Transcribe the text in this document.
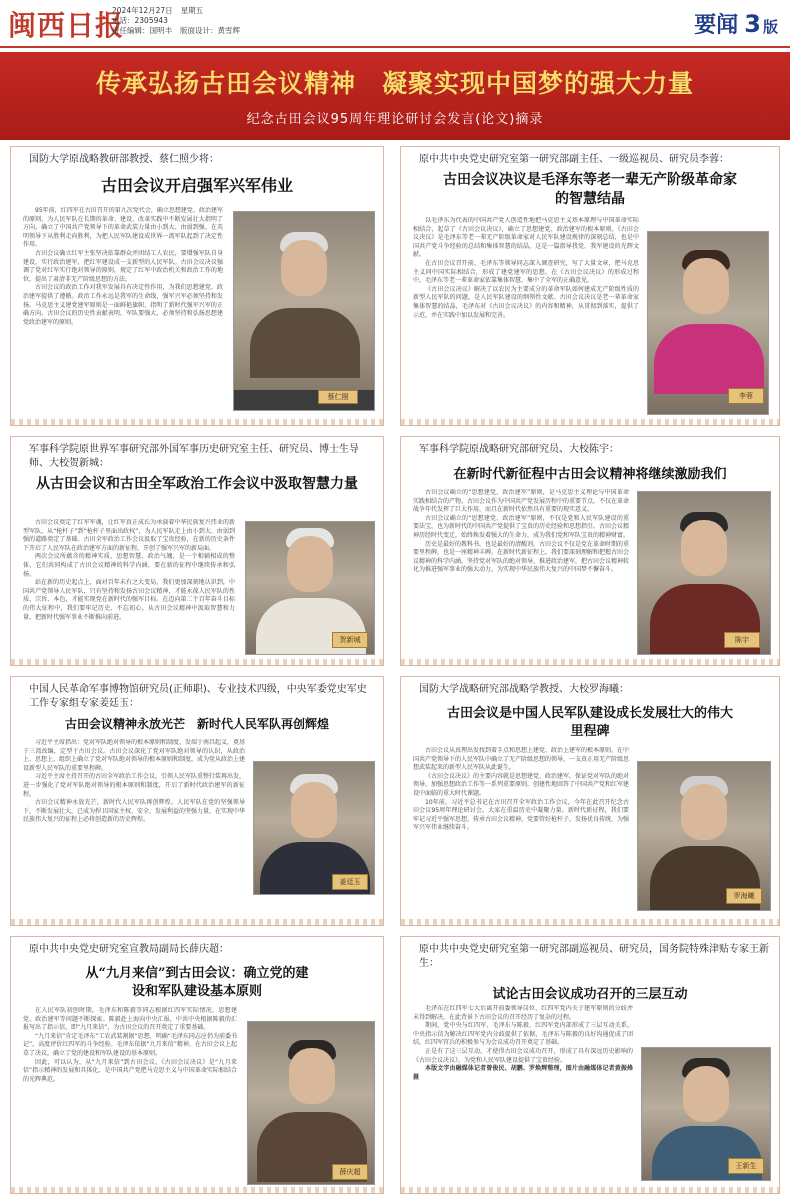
闽西日报
2024年12月27日 星期五
电话：2305943
责任编辑：国明丰 版面设计：黄雪辉	要闻 3 版
传承弘扬古田会议精神　凝聚实现中国梦的强大力量
纪念古田会议95周年理论研讨会发言(论文)摘录
国防大学原战略教研部教授、蔡仁照少将：
古田会议开启强军兴军伟业

95年前，红四军在古田召开的第九次党代会，确立思想建党、政治建军的原则，为人民军队在长期的革命、建设、改革实践中不断发展壮大指明了方向。确立了中国共产党领导下的革命武装力量由小到大、由弱到强、在英明领导下从胜利走向胜利，为把人民军队建设成世界一流军队起到了决定性作用。

古田会议确立红军主张坚决依靠群众并团结工人农民，要增强军队自身建设，实行政治建军，把红军建设成一支新型的人民军队。古田会议决议强调了党对红军实行绝对领导的原则，规定了红军中政治机关和政治工作的地位，提出了肃清非无产阶级思想的方法。

古田会议的政治工作对我军发展具有决定性作用，为我们思想建党、政治建军提供了遵循。政治工作永远是我军的生命线，强军兴军必须坚持和发扬。马克思主义建党建军原则是一面鲜艳旗帜，指明了新时代强军兴军的正确方向。古田会议的历史性贡献表明，军队要强大，必须坚持和弘扬思想建党政治建军的原则。

原中共中央党史研究室第一研究部副主任、一级巡视员、研究员李蓉：
古田会议决议是毛泽东等老一辈无产阶级革命家的智慧结晶

以毛泽东为代表的中国共产党人创造性地把马克思主义基本原理与中国革命实际相结合，起草了《古田会议决议》，确立了思想建党、政治建军的根本原则。《古田会议决议》是毛泽东等老一辈无产阶级革命家对人民军队建设规律的深刻总结，也是中国共产党斗争经验的总结和集体智慧的结晶，这是一篇指导我党、我军建设的光辉文献。

在古田会议召开前，毛泽东等领导同志深入调查研究，写了大量文章，把马克思主义同中国实际相结合，形成了建党建军的思想。在《古田会议决议》的形成过程中，毛泽东等老一辈革命家依靠集体智慧，集中了全军的正确意见。

《古田会议决议》解决了以农民为主要成分的革命军队如何建成无产阶级性质的新型人民军队的问题，是人民军队建设的纲领性文献。古田会议决议是老一辈革命家集体智慧的结晶，毛泽东对《古田会议决议》的内容和精神，从贯彻到落实，提供了示范，并在实践中加以发展和完善。

李蓉
军事科学院原世界军事研究部外国军事历史研究室主任、研究员、博士生导师、大校贺新城：
从古田会议和古田全军政治工作会议中汲取智慧力量

古田会议奠定了红军军魂，让红军真正成长为承载着中华民族复兴伟业的新型军队，从“枪杆子”到“枪杆子里面出政权”，为人民军队走上由小到大、由弱到强的道路奠定了基础。古田全军政治工作会议汲取了宝贵经验，在新的历史条件下开启了人民军队在政治建军方面的新征程，开创了强军兴军的新局面。

两次会议所蕴含的精神实质、思想智慧、政治气魄，是一个相辅相成的整体，它们共同构成了古田会议精神的科学内涵，要在新的征程中继续传承和弘扬。

站在新的历史起点上，面对百年未有之大变局，我们更加深刻地认识到，中国共产党领导人民军队，只有坚持和发扬古田会议精神，才能永葆人民军队的性质、宗旨、本色，才能实现党在新时代的强军目标。在迈向第二个百年奋斗目标的伟大征程中，我们要牢记历史、不忘初心，从古田会议精神中汲取智慧和力量，把新时代强军事业不断推向前进。

贺新城
军事科学院原战略研究部研究员、大校陈宇：
在新时代新征程中古田会议精神将继续激励我们

古田会议确立的“思想建党、政治建军”原则，是马克思主义理论与中国革命实践相结合的产物。古田会议作为中国共产党发展历程中的重要节点，不仅在革命战争年代发挥了巨大作用，而且在新时代依然具有重要的现实意义。

古田会议确立的“思想建党、政治建军”原则，不仅是党和人民军队建设的重要法宝，也为新时代的中国共产党提供了宝贵的历史经验和思想指引。古田会议精神历经时代变迁，始终焕发着强大的生命力，成为我们党和军队宝贵的精神财富。

历史是最好的教科书，也是最好的清醒剂。古田会议不仅是党在革命时期的重要里程碑，也是一座精神丰碑。在新时代新征程上，我们要深刻理解和把握古田会议精神的科学内涵，坚持党对军队的绝对领导，推进政治建军，把古田会议精神转化为推进强军事业的强大动力，为实现中华民族伟大复兴的中国梦不懈奋斗。

陈宇
中国人民革命军事博物馆研究员(正师职)、专业技术四级，中央军委党史军史工作专家组专家姜廷玉：
古田会议精神永放光芒　新时代人民军队再创辉煌

习近平主席指出：党对军队绝对领导的根本原则和制度，发端于南昌起义，奠基于三湾改编，定型于古田会议。古田会议深化了党对军队绝对领导的认识，从政治上、思想上、组织上确立了党对军队绝对领导的根本原则和制度，成为党从政治上建设新型人民军队的重要里程碑。

习近平主席主持召开的古田全军政治工作会议，引领人民军队重整行装再出发，进一步强化了党对军队绝对领导的根本原则和制度，开启了新时代政治建军的新征程。

古田会议精神永放光芒，新时代人民军队再创辉煌。人民军队在党的坚强领导下，不断发展壮大，已成为捍卫国家主权、安全、发展利益的坚强力量，在实现中华民族伟大复兴的征程上必将创造新的历史辉煌。

姜廷玉
国防大学战略研究部战略学教授、大校罗海曦：
古田会议是中国人民军队建设成长发展壮大的伟大里程碑

古田会议从真理出发找到着手点和思想上建党、政治上建军的根本原则，在中国共产党领导下的人民军队中确立了无产阶级思想的领导，一支真正用无产阶级思想武装起来的新型人民军队从此诞生。

《古田会议决议》的主要内容就是思想建党、政治建军，保证党对军队的绝对领导，加强思想政治工作等一系列重要原则，创建性地回答了中国共产党和红军建设中面临的重大时代课题。

10年前，习近平总书记在古田召开全军政治工作会议，今年在此召开纪念古田会议95周年理论研讨会，大家在重温历史中凝聚力量。新时代新征程，我们要牢记习近平强军思想，传承古田会议精神，党要管好枪杆子，发扬优良传统，为强军兴军伟业继续奋斗。

罗海曦
原中共中央党史研究室宣教局副局长薛庆超：
从“九月来信”到古田会议：确立党的建设和军队建设基本原则

在人民军队初创时期，毛泽东和陈毅等同志根据红四军实际情况，思想建党、政治建军等问题不断探索。陈毅赴上海向中央汇报，中共中央根据陈毅的汇报写出了指示信，即“九月来信”，为古田会议的召开奠定了重要基础。

“九月来信”肯定毛泽东“工农武装割据”思想，明确“毛泽东同志应仍为前委书记”，高度评价红四军的斗争经验。毛泽东依据“九月来信”精神，在古田会议上起草了决议，确立了党的建设和军队建设的基本原则。

因此，可以认为，从“九月来信”到古田会议，《古田会议决议》是“九月来信”指示精神的发展和具体化，是中国共产党把马克思主义与中国革命实际相结合的光辉典范。

薛庆超
原中共中央党史研究室第一研究部副巡视员、研究员，国务院特殊津贴专家王新生：
试论古田会议成功召开的三层互动

毛泽东在红四军七大后离开前委领导岗位，红四军党内关于建军原则的分歧并未得到解决，在此背景下古田会议的召开经历了复杂的过程。

期间，党中央与红四军、毛泽东与陈毅、红四军党内部形成了三层互动关系。中央指示信为解决红四军党内分歧提供了依据，毛泽东与陈毅的良好沟通促成了团结，红四军官兵的积极参与为会议成功召开奠定了基础。

正是有了这三层互动，才使得古田会议成功召开，形成了具有深远历史影响的《古田会议决议》，为党和人民军队建设提供了宝贵经验。

本版文字由融媒体记者曾俊民、胡鹏、罗焕辉整理，图片由融媒体记者黄振烽摄

王新生
蔡仁照
